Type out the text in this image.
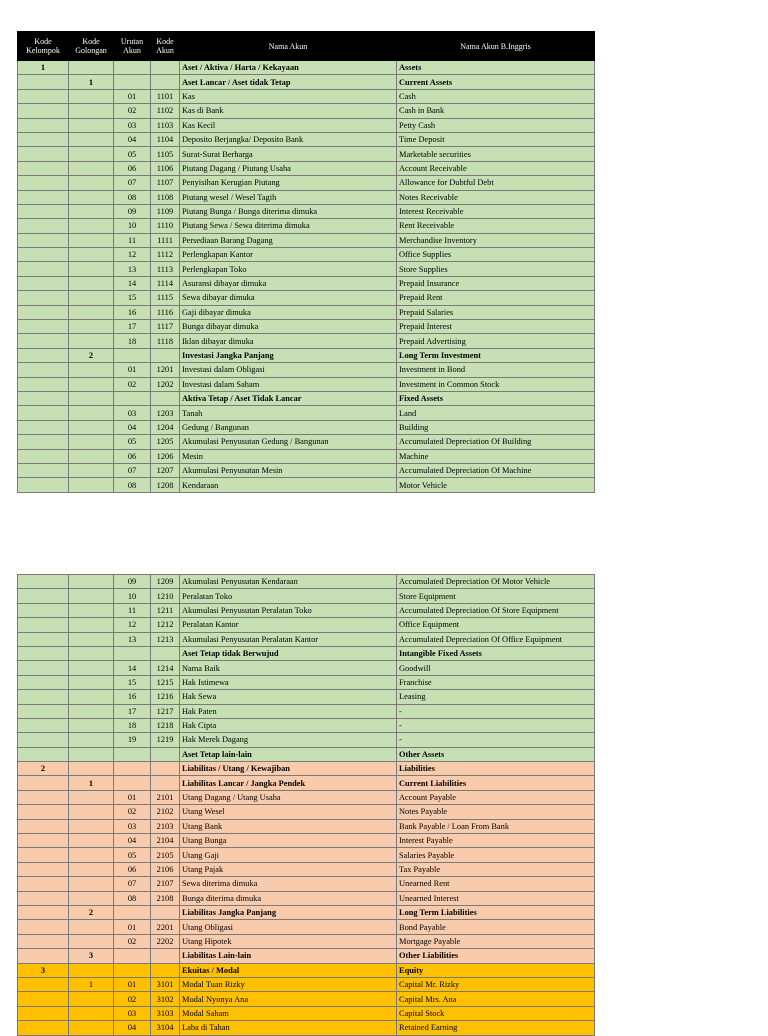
Kode Kelompok	Kode Golongan	Urutan Akun	Kode Akun	Nama Akun	Nama Akun B.Inggris
1				Aset / Aktiva / Harta / Kekayaan	Assets
	1			Aset Lancar / Aset tidak Tetap	Current Assets
		01	1101	Kas	Cash
		02	1102	Kas di Bank	Cash in Bank
		03	1103	Kas Kecil	Petty Cash
		04	1104	Deposito Berjangka/ Deposito Bank	Time Deposit
		05	1105	Surat-Surat Berharga	Marketable securities
		06	1106	Piutang Dagang / Piutang Usaha	Account Receivable
		07	1107	Penyisihan Kerugian Piutang	Allowance for Dubtful Debt
		08	1108	Piutang wesel / Wesel Tagih	Notes Receivable
		09	1109	Piutang Bunga / Bunga diterima dimuka	Interest Receivable
		10	1110	Piutang Sewa / Sewa diterima dimuka	Rent Receivable
		11	1111	Persediaan Barang Dagang	Merchandise Inventory
		12	1112	Perlengkapan Kantor	Office Supplies
		13	1113	Perlengkapan Toko	Store Supplies
		14	1114	Asuransi dibayar dimuka	Prepaid Insurance
		15	1115	Sewa dibayar dimuka	Prepaid Rent
		16	1116	Gaji dibayar dimuka	Prepaid Salaries
		17	1117	Bunga dibayar dimuka	Prepaid Interest
		18	1118	Iklan dibayar dimuka	Prepaid Advertising
	2			Investasi Jangka Panjang	Long Term Investment
		01	1201	Investasi dalam Obligasi	Investment in Bond
		02	1202	Investasi dalam Saham	Investment in Common Stock
				Aktiva Tetap / Aset Tidak Lancar	Fixed Assets
		03	1203	Tanah	Land
		04	1204	Gedung / Bangunan	Building
		05	1205	Akumulasi Penyusutan Gedung / Bangunan	Accumulated Depreciation Of Building
		06	1206	Mesin	Machine
		07	1207	Akumulasi Penyusutan Mesin	Accumulated Depreciation Of Machine
		08	1208	Kendaraan	Motor Vehicle
		09	1209	Akumulasi Penyusutan Kendaraan	Accumulated Depreciation Of Motor Vehicle
		10	1210	Peralatan Toko	Store Equipment
		11	1211	Akumulasi Penyusutan Peralatan Toko	Accumulated Depreciation Of Store Equipment
		12	1212	Peralatan Kantor	Office Equipment
		13	1213	Akumulasi Penyusutan Peralatan Kantor	Accumulated Depreciation Of Office Equipment
				Aset Tetap tidak Berwujud	Intangible Fixed Assets
		14	1214	Nama Baik	Goodwill
		15	1215	Hak Istimewa	Franchise
		16	1216	Hak Sewa	Leasing
		17	1217	Hak Paten	-
		18	1218	Hak Cipta	-
		19	1219	Hak Merek Dagang	-
				Aset Tetap lain-lain	Other Assets
2				Liabilitas / Utang / Kewajiban	Liabilities
	1			Liabilitas Lancar / Jangka Pendek	Current Liabilities
		01	2101	Utang Dagang / Utang Usaha	Account Payable
		02	2102	Utang Wesel	Notes Payable
		03	2103	Utang Bank	Bank Payable / Loan From Bank
		04	2104	Utang Bunga	Interest Payable
		05	2105	Utang Gaji	Salaries Payable
		06	2106	Utang Pajak	Tax Payable
		07	2107	Sewa diterima dimuka	Unearned Rent
		08	2108	Bunga diterima dimuka	Unearned Interest
	2			Liabilitas Jangka Panjang	Long Term Liabilities
		01	2201	Utang Obligasi	Bond Payable
		02	2202	Utang Hipotek	Mortgage Payable
	3			Liabilitas Lain-lain	Other Liabilities
3				Ekuitas / Modal	Equity
	1	01	3101	Modal Tuan Rizky	Capital Mr. Rizky
		02	3102	Modal Nyonya Ana	Capital Mrs. Ana
		03	3103	Modal Saham	Capital Stock
		04	3104	Laba di Tahan	Retained Earning
